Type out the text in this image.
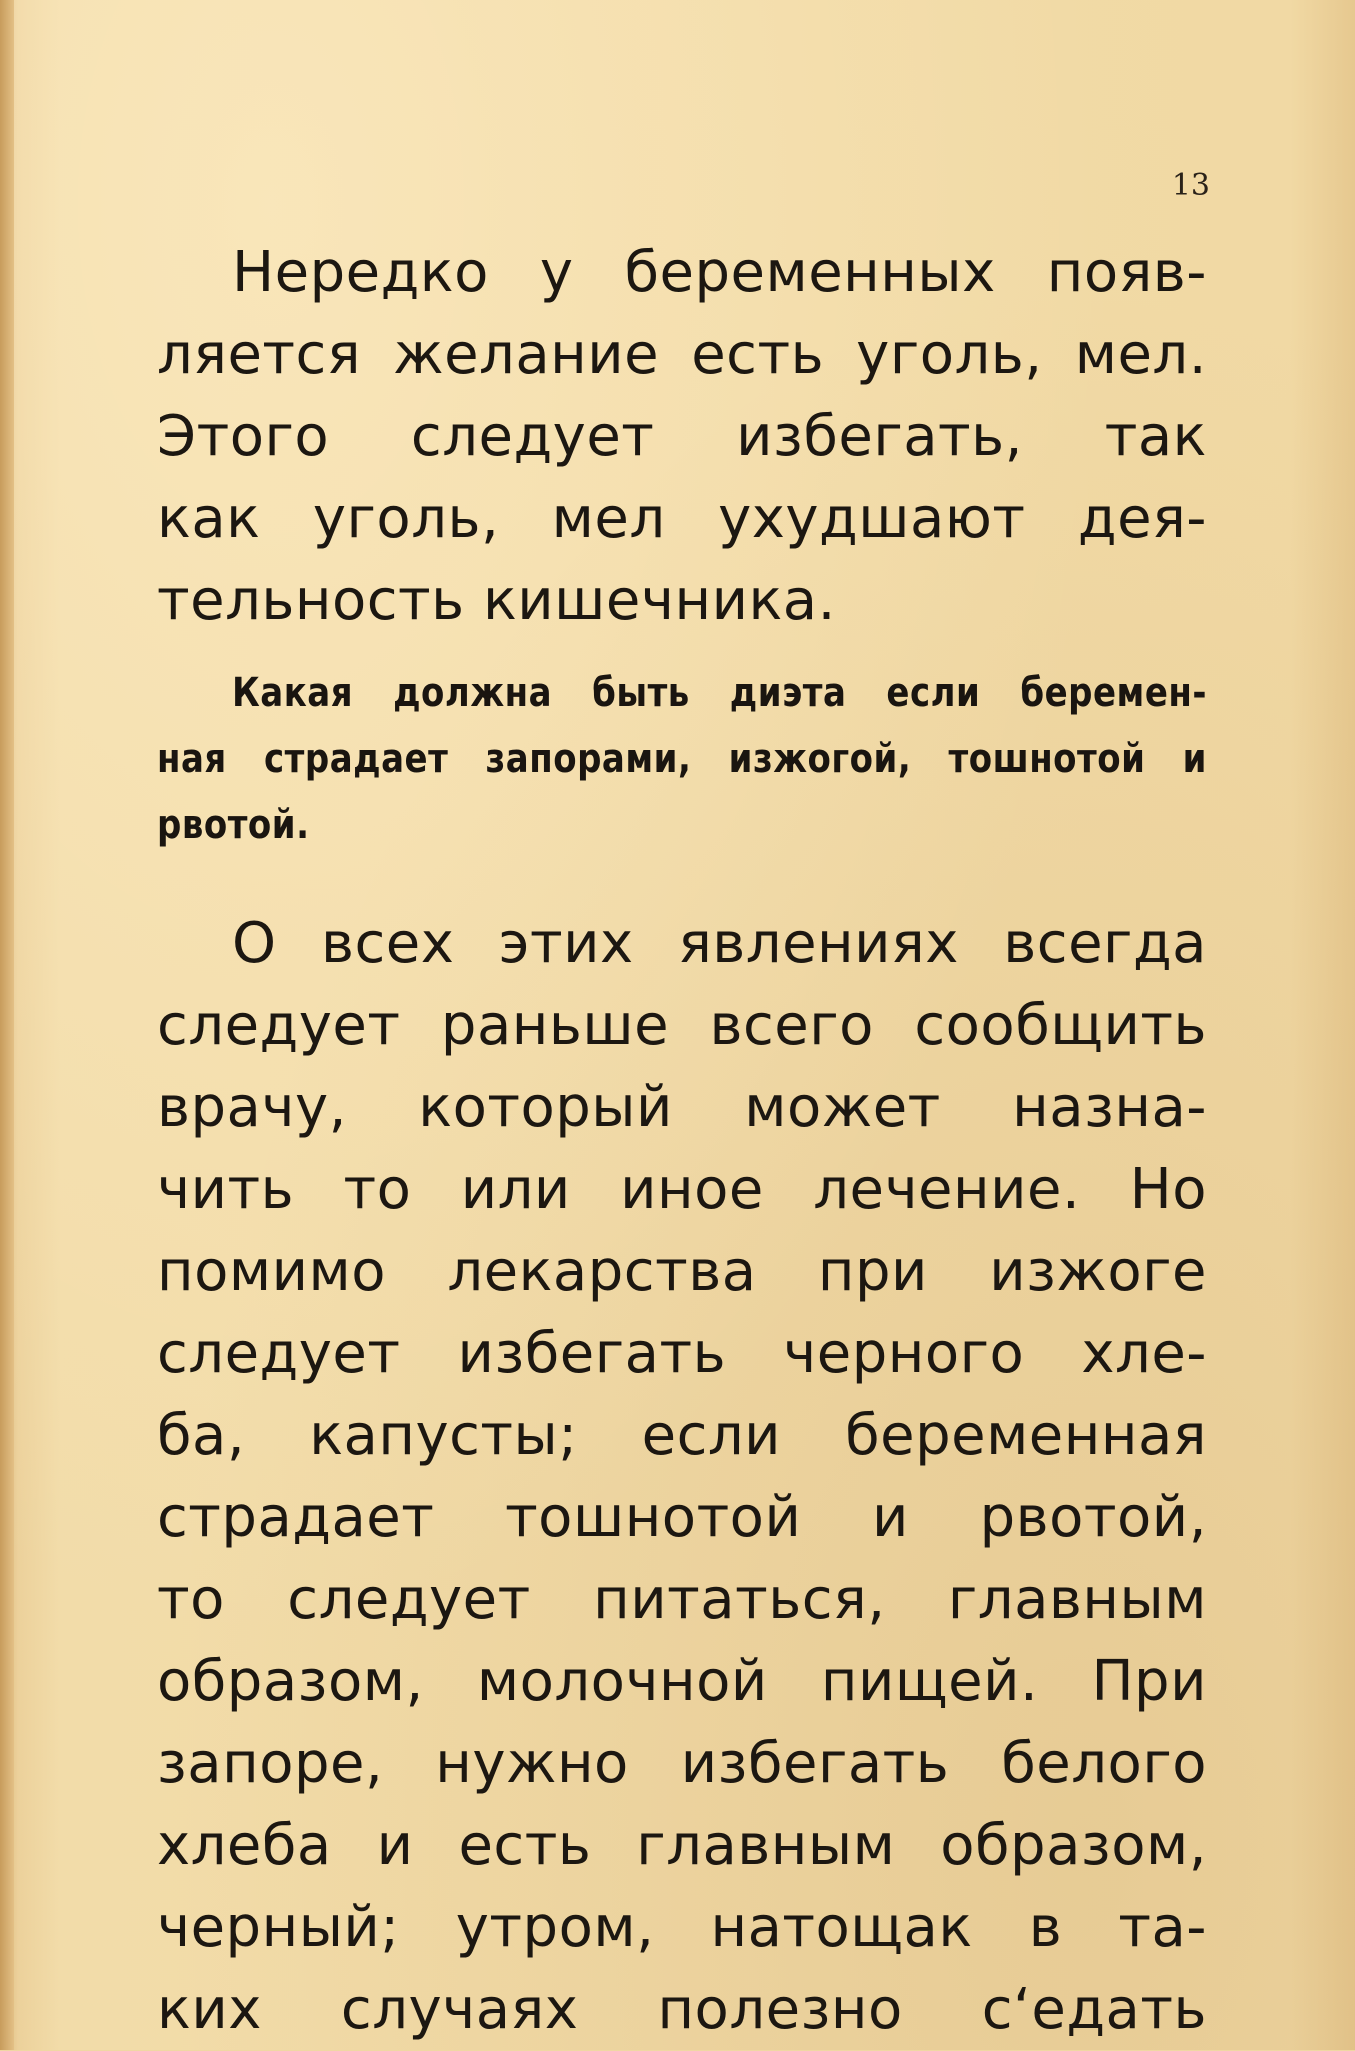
13
Нередко у беременных появ-
ляется желание есть уголь, мел.
Этого следует избегать, так
как уголь, мел ухудшают дея-
тельность кишечника.
Какая должна быть диэта если беремен-
ная страдает запорами, изжогой, тошнотой и
рвотой.
О всех этих явлениях всегда
следует раньше всего сообщить
врачу, который может назна-
чить то или иное лечение. Но
помимо лекарства при изжоге
следует избегать черного хле-
ба, капусты; если беременная
страдает тошнотой и рвотой,
то следует питаться, главным
образом, молочной пищей. При
запоре, нужно избегать белого
хлеба и есть главным образом,
черный; утром, натощак в та-
ких случаях полезно с‘едать
